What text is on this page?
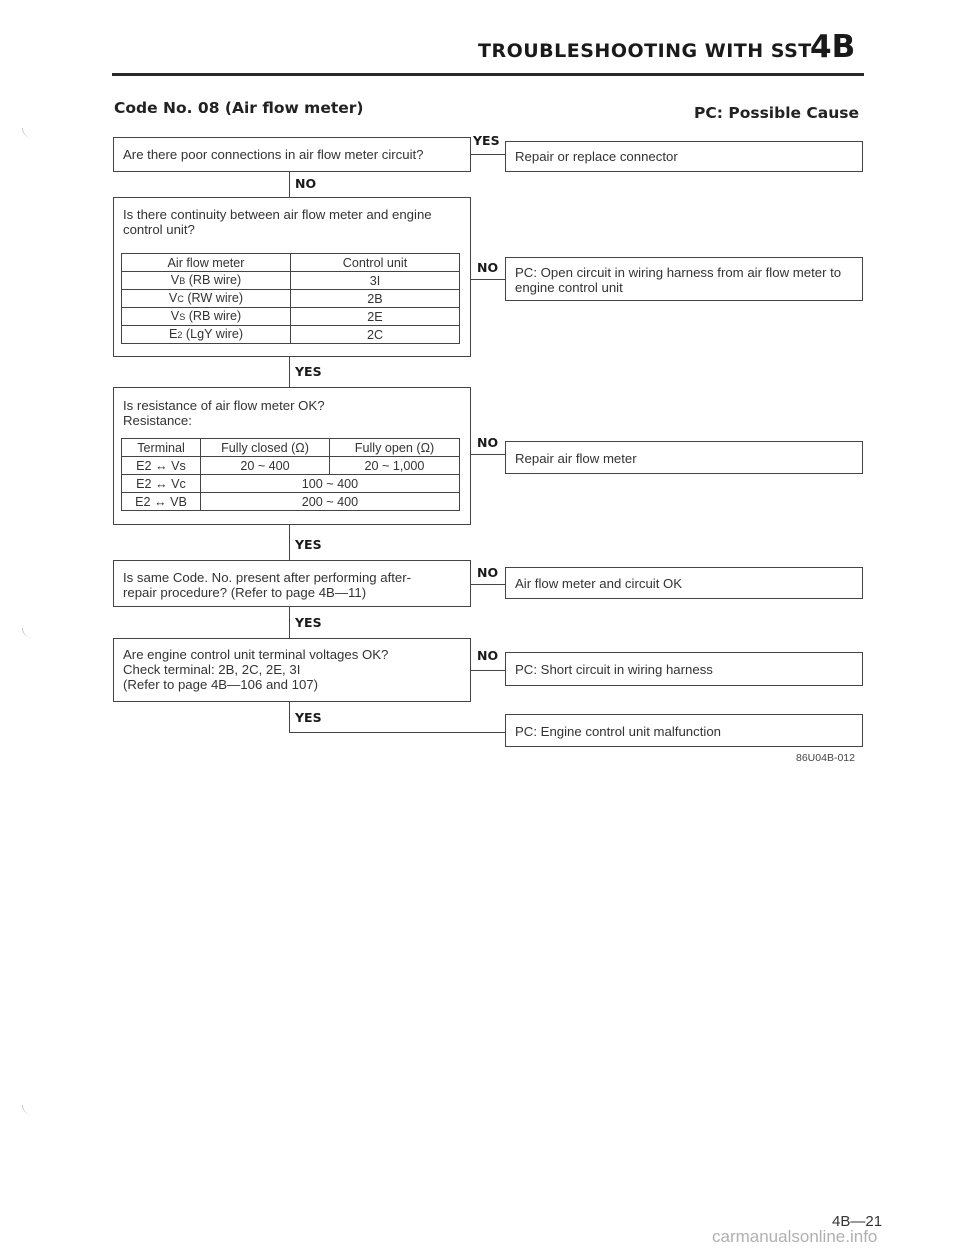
TROUBLESHOOTING WITH SST
4B
Code No. 08 (Air flow meter)	PC: Possible Cause
Are there poor connections in air flow meter circuit?
YES
Repair or replace connector
NO
Is there continuity between air flow meter and engine control unit?
Air flow meter	Control unit
VB (RB wire)	3I
VC (RW wire)	2B
VS (RB wire)	2E
E2 (LgY wire)	2C
NO	PC: Open circuit in wiring harness from air flow meter to engine control unit
YES
Is resistance of air flow meter OK?
Resistance:
Terminal	Fully closed (Ω)	Fully open (Ω)
E2 ↔ Vs	20 ~ 400	20 ~ 1,000
E2 ↔ Vc	100 ~ 400	
E2 ↔ VB	200 ~ 400	
NO
Repair air flow meter
YES
Is same Code. No. present after performing after-
repair procedure? (Refer to page 4B—11)
NO
Air flow meter and circuit OK
YES
Are engine control unit terminal voltages OK?
Check terminal: 2B, 2C, 2E, 3I
(Refer to page 4B—106 and 107)
NO
PC: Short circuit in wiring harness
YES
PC: Engine control unit malfunction
86U04B-012
4B—21
carmanualsonline.info
